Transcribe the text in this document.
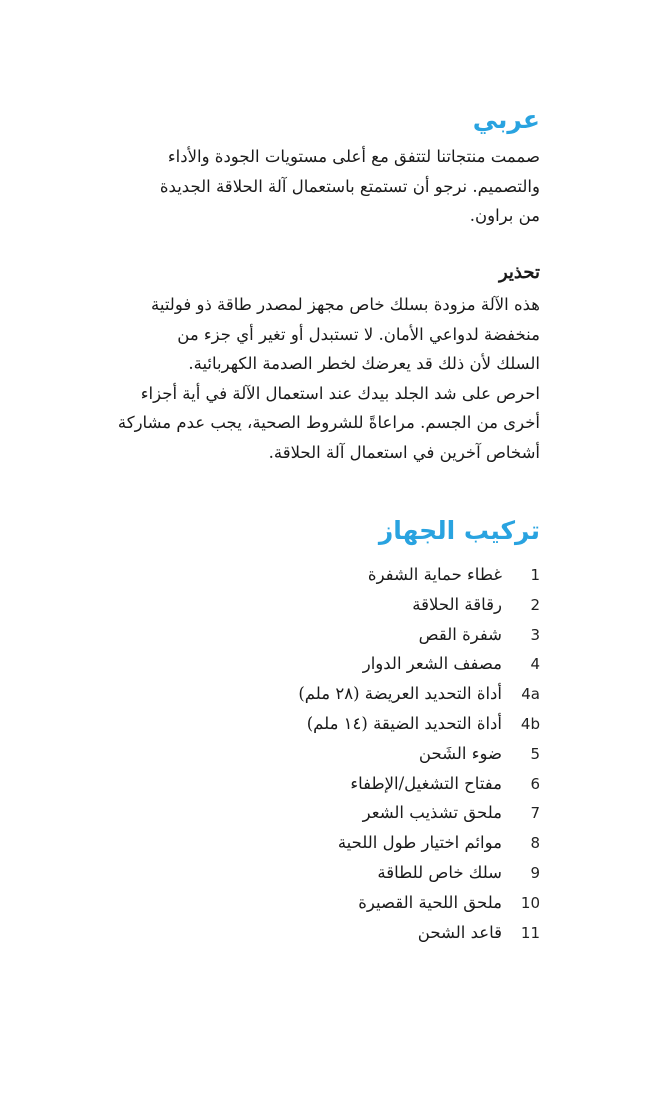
عربي
صممت منتجاتنا لتتفق مع أعلى مستويات الجودة والأداء
والتصميم. نرجو أن تستمتع باستعمال آلة الحلاقة الجديدة
من براون.
تحذير
هذه الآلة مزودة بسلك خاص مجهز لمصدر طاقة ذو فولتية
منخفضة لدواعي الأمان. لا تستبدل أو تغير أي جزء من
السلك لأن ذلك قد يعرضك لخطر الصدمة الكهربائية.
احرص على شد الجلد بيدك عند استعمال الآلة في أية أجزاء
أخرى من الجسم. مراعاةً للشروط الصحية، يجب عدم مشاركة
أشخاص آخرين في استعمال آلة الحلاقة.
تركيب الجهاز
1غطاء حماية الشفرة
2رقاقة الحلاقة
3شفرة القص
4مصفف الشعر الدوار
4aأداة التحديد العريضة (٢٨ ملم)
4bأداة التحديد الضيقة (١٤ ملم)
5ضوء الشَحن
6مفتاح التشغيل/الإطفاء
7ملحق تشذيب الشعر
8موائم اختيار طول اللحية
9سلك خاص للطاقة
10ملحق اللحية القصيرة
11قاعد الشحن
